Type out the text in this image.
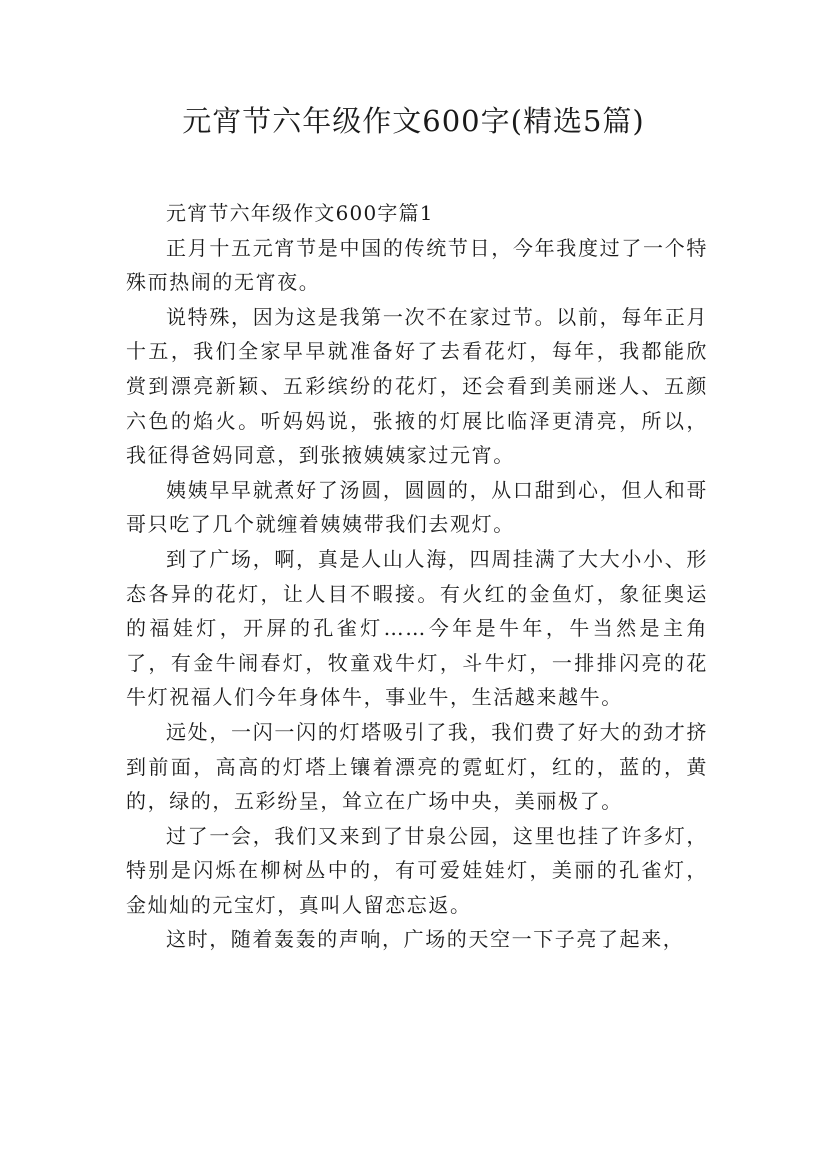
元宵节六年级作文600字(精选5篇)
元宵节六年级作文600字篇1

正月十五元宵节是中国的传统节日，今年我度过了一个特殊而热闹的无宵夜。

说特殊，因为这是我第一次不在家过节。以前，每年正月十五，我们全家早早就准备好了去看花灯，每年，我都能欣赏到漂亮新颖、五彩缤纷的花灯，还会看到美丽迷人、五颜六色的焰火。听妈妈说，张掖的灯展比临泽更清亮，所以，我征得爸妈同意，到张掖姨姨家过元宵。

姨姨早早就煮好了汤圆，圆圆的，从口甜到心，但人和哥哥只吃了几个就缠着姨姨带我们去观灯。

到了广场，啊，真是人山人海，四周挂满了大大小小、形态各异的花灯，让人目不暇接。有火红的金鱼灯，象征奥运的福娃灯，开屏的孔雀灯……今年是牛年，牛当然是主角了，有金牛闹春灯，牧童戏牛灯，斗牛灯，一排排闪亮的花牛灯祝福人们今年身体牛，事业牛，生活越来越牛。

远处，一闪一闪的灯塔吸引了我，我们费了好大的劲才挤到前面，高高的灯塔上镶着漂亮的霓虹灯，红的，蓝的，黄的，绿的，五彩纷呈，耸立在广场中央，美丽极了。

过了一会，我们又来到了甘泉公园，这里也挂了许多灯，特别是闪烁在柳树丛中的，有可爱娃娃灯，美丽的孔雀灯，金灿灿的元宝灯，真叫人留恋忘返。

这时，随着轰轰的声响，广场的天空一下子亮了起来，
